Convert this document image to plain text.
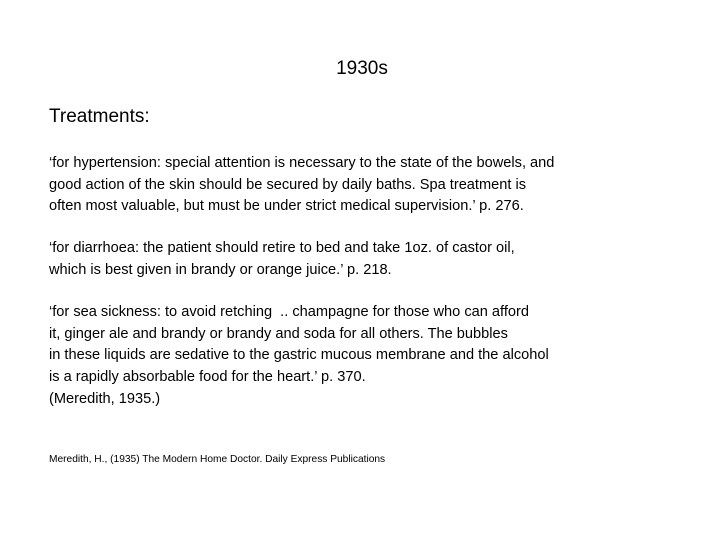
1930s
Treatments:
‘for hypertension: special attention is necessary to the state of the bowels, and
good action of the skin should be secured by daily baths. Spa treatment is
often most valuable, but must be under strict medical supervision.’ p. 276.
‘for diarrhoea: the patient should retire to bed and take 1oz. of castor oil,
which is best given in brandy or orange juice.’ p. 218.
‘for sea sickness: to avoid retching  .. champagne for those who can afford
it, ginger ale and brandy or brandy and soda for all others. The bubbles
in these liquids are sedative to the gastric mucous membrane and the alcohol
is a rapidly absorbable food for the heart.’ p. 370.
(Meredith, 1935.)
Meredith, H., (1935) The Modern Home Doctor. Daily Express Publications
